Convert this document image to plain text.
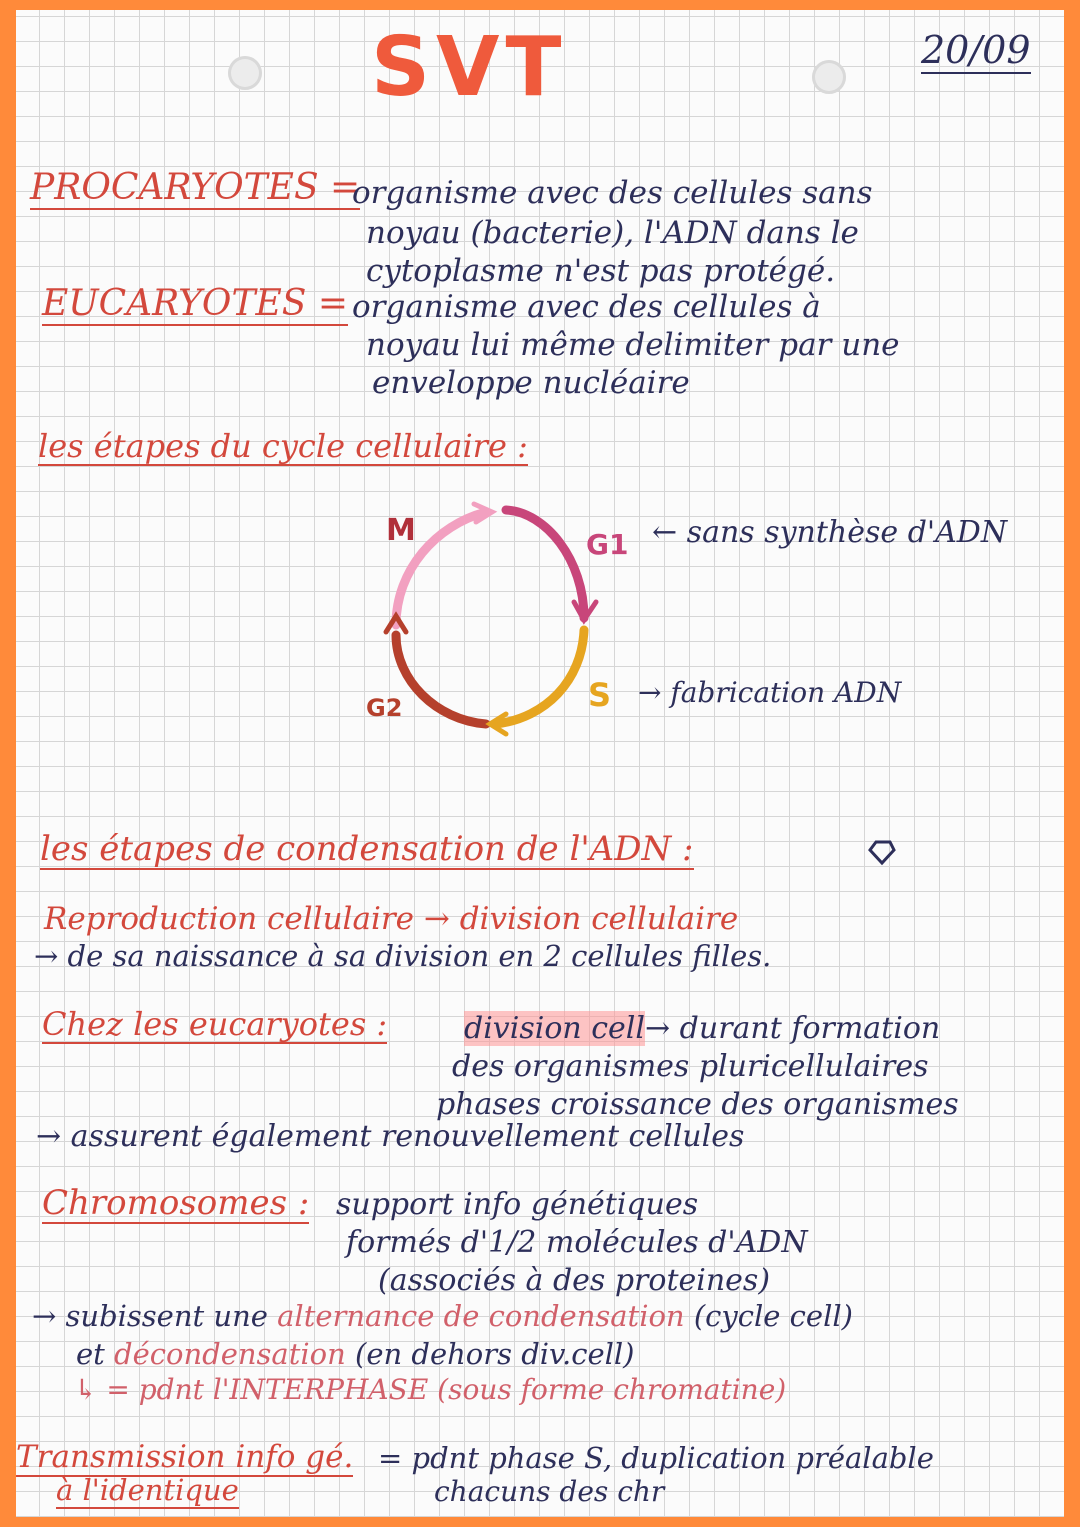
SVT	20/09
PROCARYOTES =
organisme avec des cellules sans
noyau (bacterie), l'ADN dans le
cytoplasme n'est pas protégé.
EUCARYOTES = organisme avec des cellules à
noyau lui même delimiter par une
enveloppe nucléaire
les étapes du cycle cellulaire :
M	G1
S
G2
← sans synthèse d'ADN
→ fabrication ADN
les étapes de condensation de l'ADN :
Reproduction cellulaire → division cellulaire
→ de sa naissance à sa division en 2 cellules filles.
Chez les eucaryotes :	division cell→ durant formation
des organismes pluricellulaires
phases croissance des organismes
→ assurent également renouvellement cellules
Chromosomes : support info génétiques
formés d'1/2 molécules d'ADN
(associés à des proteines)
→ subissent une alternance de condensation (cycle cell)
et décondensation (en dehors div.cell)
↳ = pdnt l'INTERPHASE (sous forme chromatine)
Transmission info gé.
à l'identique
= pdnt phase S, duplication préalable
chacuns des chr
